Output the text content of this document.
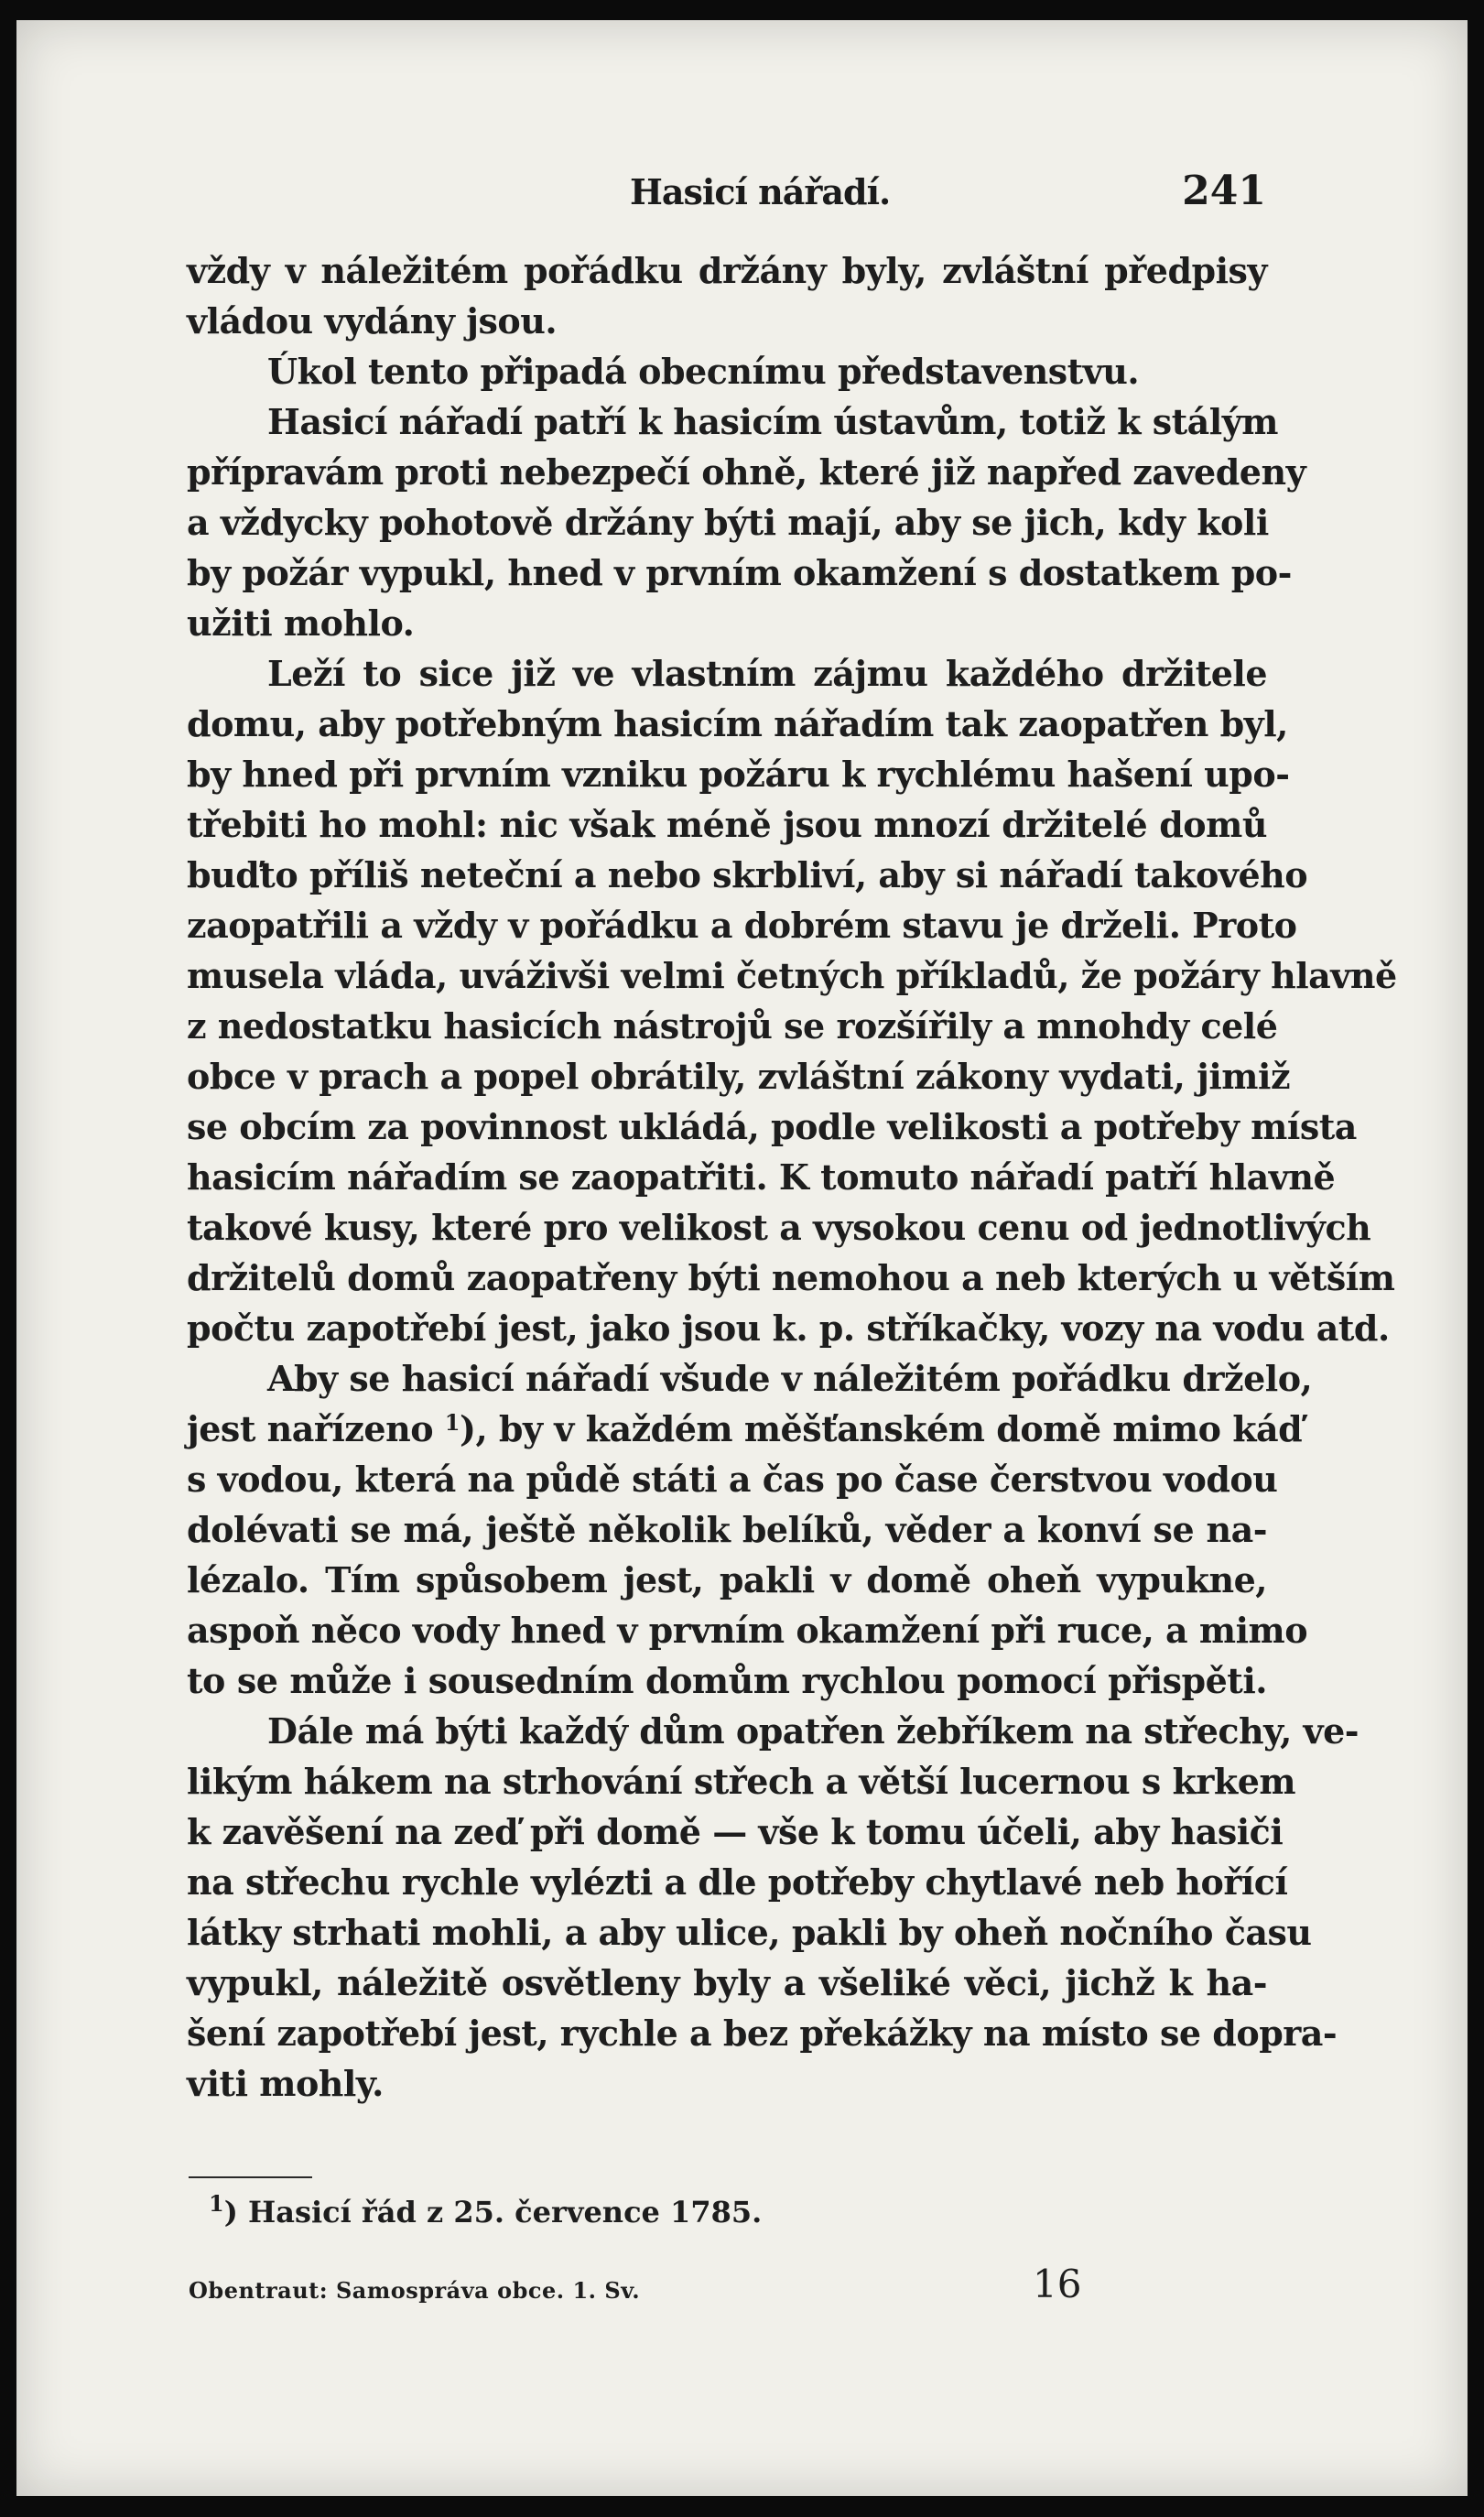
Hasicí nářadí.	241
vždy v náležitém pořádku držány byly, zvláštní předpisy
vládou vydány jsou.
Úkol tento připadá obecnímu představenstvu.
Hasicí nářadí patří k hasicím ústavům, totiž k stálým
přípravám proti nebezpečí ohně, které již napřed zavedeny
a vždycky pohotově držány býti mají, aby se jich, kdy koli
by požár vypukl, hned v prvním okamžení s dostatkem po-
užiti mohlo.
Leží to sice již ve vlastním zájmu každého držitele
domu, aby potřebným hasicím nářadím tak zaopatřen byl,
by hned při prvním vzniku požáru k rychlému hašení upo-
třebiti ho mohl: nic však méně jsou mnozí držitelé domů
buďto příliš neteční a nebo skrbliví, aby si nářadí takového
zaopatřili a vždy v pořádku a dobrém stavu je drželi. Proto
musela vláda, uváživši velmi četných příkladů, že požáry hlavně
z nedostatku hasicích nástrojů se rozšířily a mnohdy celé
obce v prach a popel obrátily, zvláštní zákony vydati, jimiž
se obcím za povinnost ukládá, podle velikosti a potřeby místa
hasicím nářadím se zaopatřiti. K tomuto nářadí patří hlavně
takové kusy, které pro velikost a vysokou cenu od jednotlivých
držitelů domů zaopatřeny býti nemohou a neb kterých u větším
počtu zapotřebí jest, jako jsou k. p. stříkačky, vozy na vodu atd.
Aby se hasicí nářadí všude v náležitém pořádku drželo,
jest nařízeno $^1$), by v každém měšťanském domě mimo káď
s vodou, která na půdě státi a čas po čase čerstvou vodou
dolévati se má, ještě několik belíků, věder a konví se na-
lézalo. Tím spůsobem jest, pakli v domě oheň vypukne,
aspoň něco vody hned v prvním okamžení při ruce, a mimo
to se může i sousedním domům rychlou pomocí přispěti.
Dále má býti každý dům opatřen žebříkem na střechy, ve-
likým hákem na strhování střech a větší lucernou s krkem
k zavěšení na zeď při domě — vše k tomu účeli, aby hasiči
na střechu rychle vylézti a dle potřeby chytlavé neb hořící
látky strhati mohli, a aby ulice, pakli by oheň nočního času
vypukl, náležitě osvětleny byly a všeliké věci, jichž k ha-
šení zapotřebí jest, rychle a bez překážky na místo se dopra-
viti mohly.
$^1$) Hasicí řád z 25. července 1785.
Obentraut: Samospráva obce. 1. Sv.	16
